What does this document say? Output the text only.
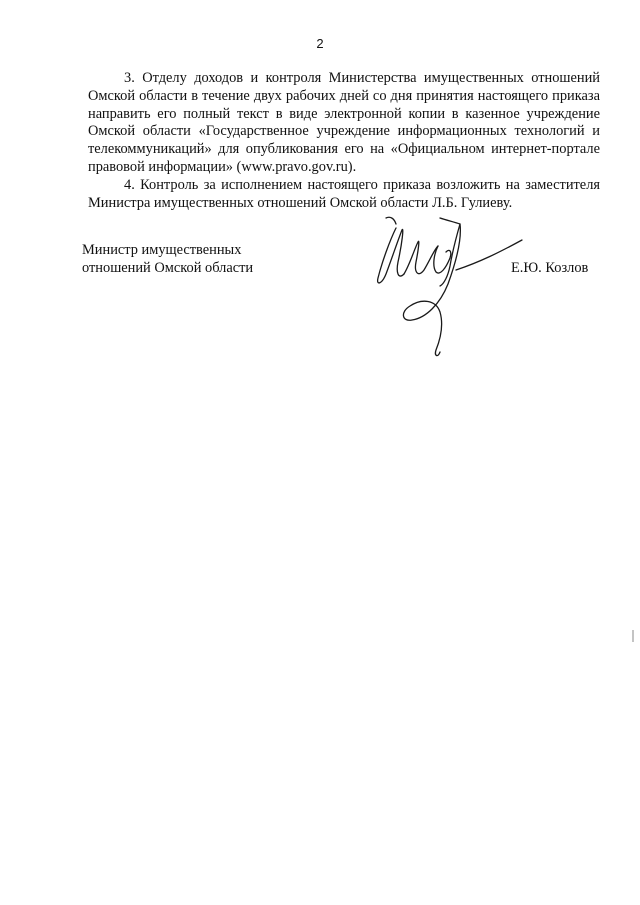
2

3. Отделу доходов и контроля Министерства имущественных отношений Омской области в течение двух рабочих дней со дня принятия настоящего приказа направить его полный текст в виде электронной копии в казенное учреждение Омской области «Государственное учреждение информационных технологий и телекоммуникаций» для опубликования его на «Официальном интернет-портале правовой информации» (www.pravo.gov.ru).

4. Контроль за исполнением настоящего приказа возложить на заместителя Министра имущественных отношений Омской области Л.Б. Гулиеву.

Министр имущественных
отношений Омской области	Е.Ю. Козлов
